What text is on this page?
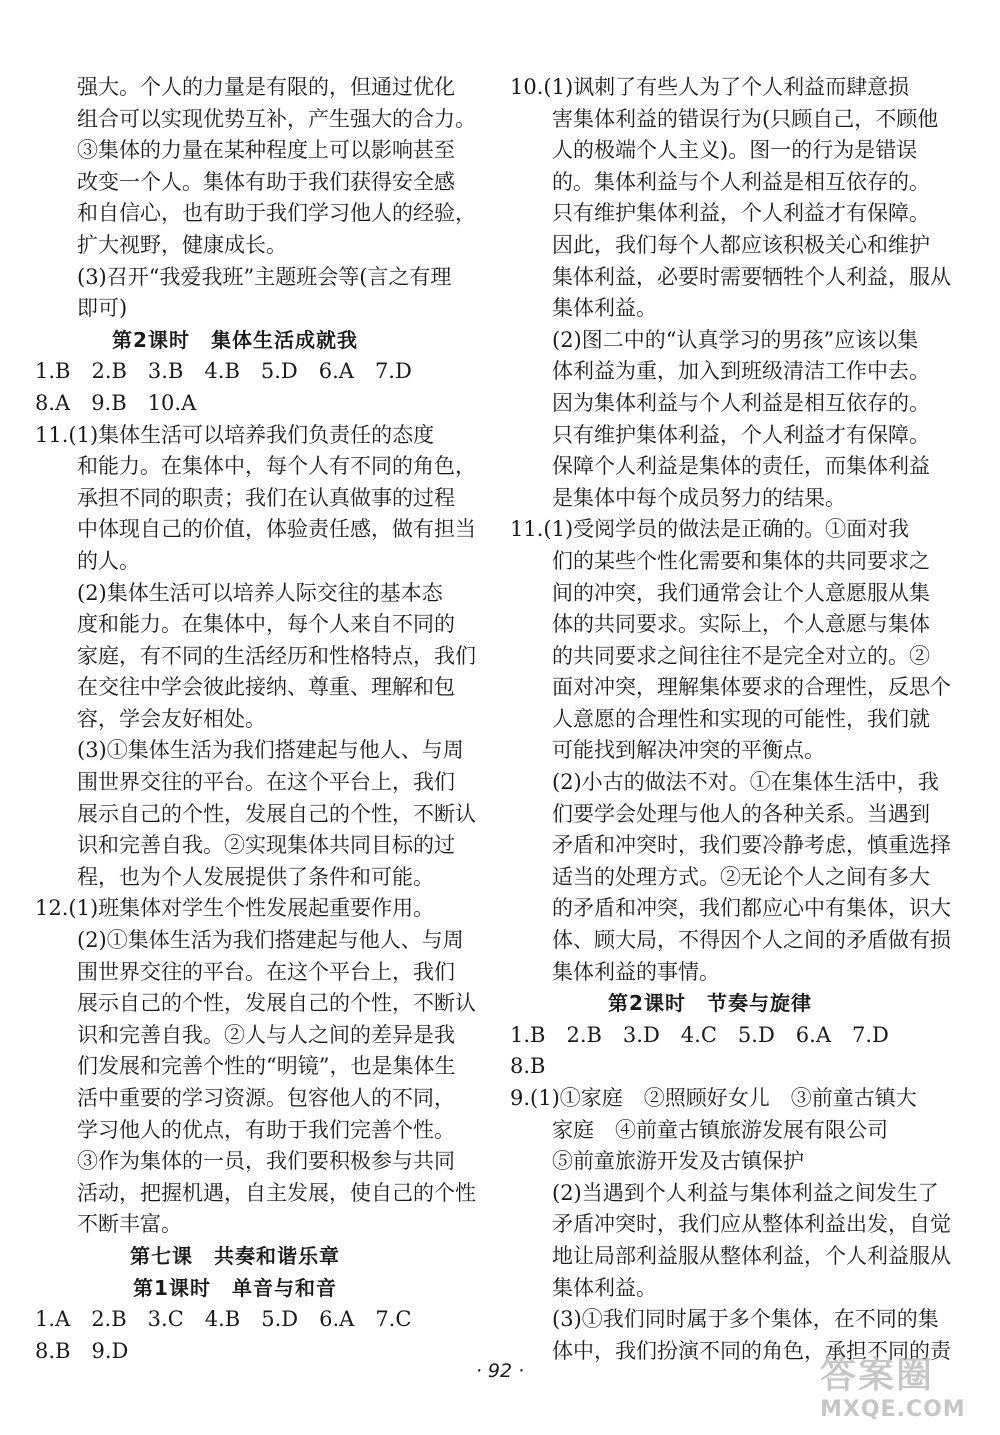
强大。个人的力量是有限的，但通过优化
组合可以实现优势互补，产生强大的合力。
③集体的力量在某种程度上可以影响甚至
改变一个人。集体有助于我们获得安全感
和自信心，也有助于我们学习他人的经验，
扩大视野，健康成长。
(3)召开“我爱我班”主题班会等(言之有理
即可)
第2课时　集体生活成就我
1.B　2.B　3.B　4.B　5.D　6.A　7.D
8.A　9.B　10.A
11.(1)集体生活可以培养我们负责任的态度
和能力。在集体中，每个人有不同的角色，
承担不同的职责；我们在认真做事的过程
中体现自己的价值，体验责任感，做有担当
的人。
(2)集体生活可以培养人际交往的基本态
度和能力。在集体中，每个人来自不同的
家庭，有不同的生活经历和性格特点，我们
在交往中学会彼此接纳、尊重、理解和包
容，学会友好相处。
(3)①集体生活为我们搭建起与他人、与周
围世界交往的平台。在这个平台上，我们
展示自己的个性，发展自己的个性，不断认
识和完善自我。②实现集体共同目标的过
程，也为个人发展提供了条件和可能。
12.(1)班集体对学生个性发展起重要作用。
(2)①集体生活为我们搭建起与他人、与周
围世界交往的平台。在这个平台上，我们
展示自己的个性，发展自己的个性，不断认
识和完善自我。②人与人之间的差异是我
们发展和完善个性的“明镜”，也是集体生
活中重要的学习资源。包容他人的不同，
学习他人的优点，有助于我们完善个性。
③作为集体的一员，我们要积极参与共同
活动，把握机遇，自主发展，使自己的个性
不断丰富。
第七课　共奏和谐乐章
第1课时　单音与和音
1.A　2.B　3.C　4.B　5.D　6.A　7.C
8.B　9.D
10.(1)讽刺了有些人为了个人利益而肆意损
害集体利益的错误行为(只顾自己，不顾他
人的极端个人主义)。图一的行为是错误
的。集体利益与个人利益是相互依存的。
只有维护集体利益，个人利益才有保障。
因此，我们每个人都应该积极关心和维护
集体利益，必要时需要牺牲个人利益，服从
集体利益。
(2)图二中的“认真学习的男孩”应该以集
体利益为重，加入到班级清洁工作中去。
因为集体利益与个人利益是相互依存的。
只有维护集体利益，个人利益才有保障。
保障个人利益是集体的责任，而集体利益
是集体中每个成员努力的结果。
11.(1)受阅学员的做法是正确的。①面对我
们的某些个性化需要和集体的共同要求之
间的冲突，我们通常会让个人意愿服从集
体的共同要求。实际上，个人意愿与集体
的共同要求之间往往不是完全对立的。②
面对冲突，理解集体要求的合理性，反思个
人意愿的合理性和实现的可能性，我们就
可能找到解决冲突的平衡点。
(2)小古的做法不对。①在集体生活中，我
们要学会处理与他人的各种关系。当遇到
矛盾和冲突时，我们要冷静考虑，慎重选择
适当的处理方式。②无论个人之间有多大
的矛盾和冲突，我们都应心中有集体，识大
体、顾大局，不得因个人之间的矛盾做有损
集体利益的事情。
第2课时　节奏与旋律
1.B　2.B　3.D　4.C　5.D　6.A　7.D
8.B
9.(1)①家庭　②照顾好女儿　③前童古镇大
家庭　④前童古镇旅游发展有限公司
⑤前童旅游开发及古镇保护
(2)当遇到个人利益与集体利益之间发生了
矛盾冲突时，我们应从整体利益出发，自觉
地让局部利益服从整体利益，个人利益服从
集体利益。
(3)①我们同时属于多个集体，在不同的集
体中，我们扮演不同的角色，承担不同的责
· 92 ·	答案圈
MXQE.COM
